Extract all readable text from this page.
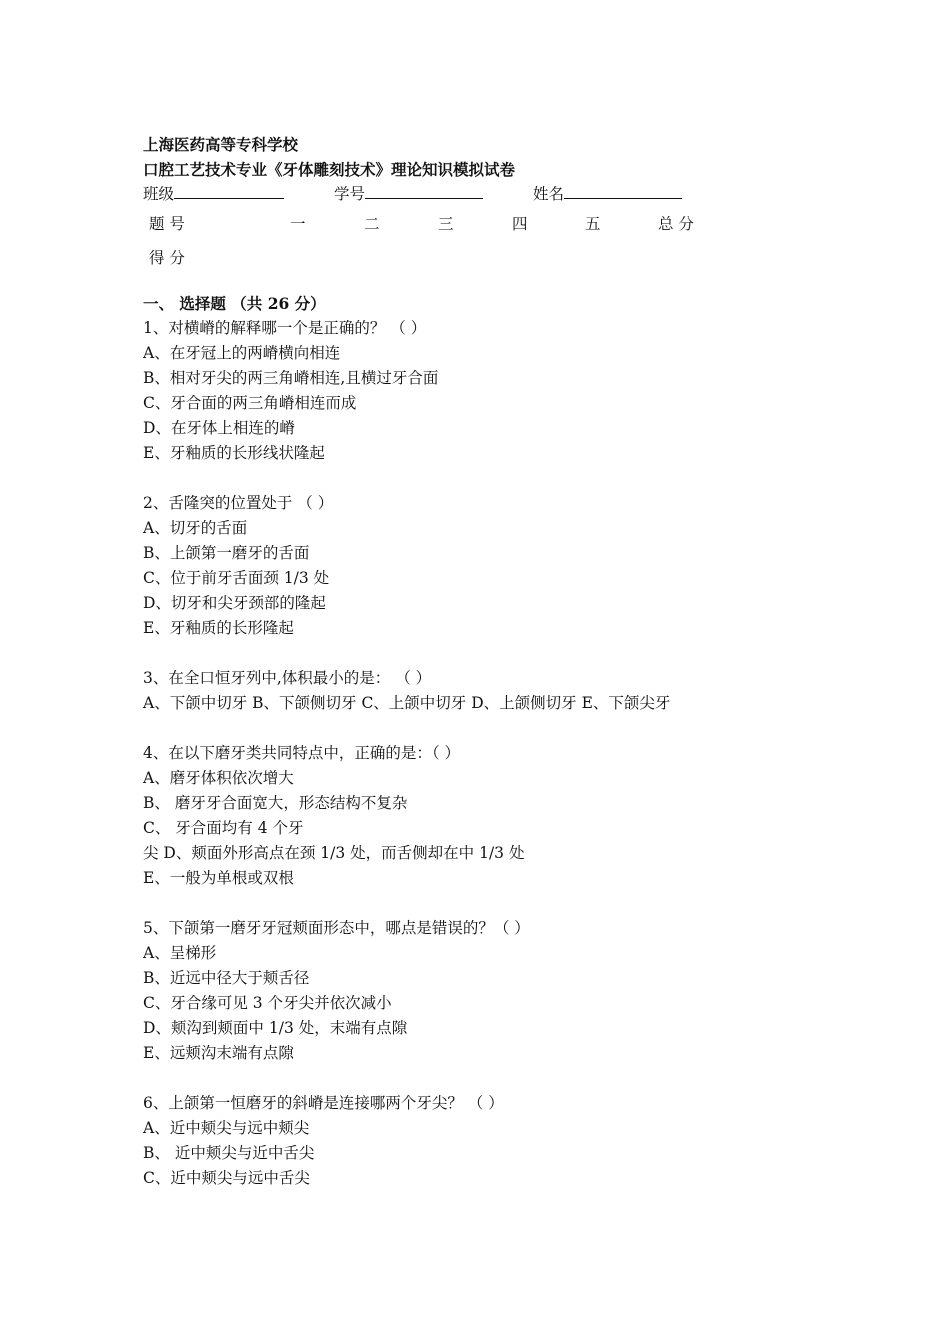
上海医药高等专科学校
口腔工艺技术专业《牙体雕刻技术》理论知识模拟试卷
班级	学号	姓名
题 号	一	二	三	四	五	总 分
得 分
一、 选择题 （共 26 分）
1、对横嵴的解释哪一个是正确的？ （ ）
A、在牙冠上的两嵴横向相连
B、相对牙尖的两三角嵴相连,且横过牙合面
C、牙合面的两三角嵴相连而成
D、在牙体上相连的嵴
E、牙釉质的长形线状隆起
2、舌隆突的位置处于 （ ）
A、切牙的舌面
B、上颌第一磨牙的舌面
C、位于前牙舌面颈 1/3 处
D、切牙和尖牙颈部的隆起
E、牙釉质的长形隆起
3、在全口恒牙列中,体积最小的是： （ ）
A、下颌中切牙 B、下颌侧切牙 C、上颌中切牙 D、上颌侧切牙 E、下颌尖牙
4、在以下磨牙类共同特点中，正确的是：（ ）
A、磨牙体积依次增大
B、 磨牙牙合面宽大，形态结构不复杂
C、 牙合面均有 4 个牙
尖 D、颊面外形高点在颈 1/3 处，而舌侧却在中 1/3 处
E、一般为单根或双根
5、下颌第一磨牙牙冠颊面形态中，哪点是错误的？（ ）
A、呈梯形
B、近远中径大于颊舌径
C、牙合缘可见 3 个牙尖并依次减小
D、颊沟到颊面中 1/3 处，末端有点隙
E、远颊沟末端有点隙
6、上颌第一恒磨牙的斜嵴是连接哪两个牙尖？ （ ）
A、近中颊尖与远中颊尖
B、 近中颊尖与近中舌尖
C、近中颊尖与远中舌尖
